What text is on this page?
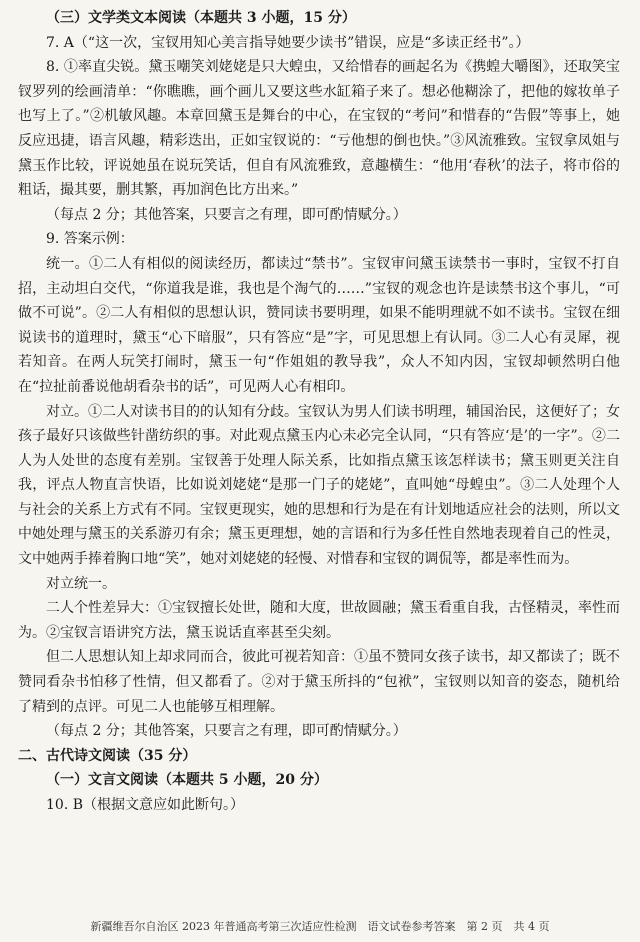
（三）文学类文本阅读（本题共 3 小题，15 分）

7. A（“这一次，宝钗用知心美言指导她要少读书”错误，应是“多读正经书”。）

8. ①率直尖锐。黛玉嘲笑刘姥姥是只大蝗虫，又给惜春的画起名为《携蝗大嚼图》，还取笑宝钗罗列的绘画清单：“你瞧瞧，画个画儿又要这些水缸箱子来了。想必他糊涂了，把他的嫁妆单子也写上了。”②机敏风趣。本章回黛玉是舞台的中心，在宝钗的“考问”和惜春的“告假”等事上，她反应迅捷，语言风趣，精彩迭出，正如宝钗说的：“亏他想的倒也快。”③风流雅致。宝钗拿凤姐与黛玉作比较，评说她虽在说玩笑话，但自有风流雅致，意趣横生：“他用‘春秋’的法子，将市俗的粗话，撮其要，删其繁，再加润色比方出来。”

（每点 2 分；其他答案，只要言之有理，即可酌情赋分。）

9. 答案示例：

统一。①二人有相似的阅读经历，都读过“禁书”。宝钗审问黛玉读禁书一事时，宝钗不打自招，主动坦白交代，“你道我是谁，我也是个淘气的……”宝钗的观念也许是读禁书这个事儿，“可做不可说”。②二人有相似的思想认识，赞同读书要明理，如果不能明理就不如不读书。宝钗在细说读书的道理时，黛玉“心下暗服”，只有答应“是”字，可见思想上有认同。③二人心有灵犀，视若知音。在两人玩笑打闹时，黛玉一句“作姐姐的教导我”，众人不知内因，宝钗却顿然明白他在“拉扯前番说他胡看杂书的话”，可见两人心有相印。

对立。①二人对读书目的的认知有分歧。宝钗认为男人们读书明理，辅国治民，这便好了；女孩子最好只该做些针凿纺织的事。对此观点黛玉内心未必完全认同，“只有答应‘是’的一字”。②二人为人处世的态度有差别。宝钗善于处理人际关系，比如指点黛玉该怎样读书；黛玉则更关注自我，评点人物直言快语，比如说刘姥姥“是那一门子的姥姥”，直叫她“母蝗虫”。③二人处理个人与社会的关系上方式有不同。宝钗更现实，她的思想和行为是在有计划地适应社会的法则，所以文中她处理与黛玉的关系游刃有余；黛玉更理想，她的言语和行为多任性自然地表现着自己的性灵，文中她两手捧着胸口地“笑”，她对刘姥姥的轻慢、对惜春和宝钗的调侃等，都是率性而为。

对立统一。

二人个性差异大：①宝钗擅长处世，随和大度，世故圆融；黛玉看重自我，古怪精灵，率性而为。②宝钗言语讲究方法，黛玉说话直率甚至尖刻。

但二人思想认知上却求同而合，彼此可视若知音：①虽不赞同女孩子读书，却又都读了；既不赞同看杂书怕移了性情，但又都看了。②对于黛玉所抖的“包袱”，宝钗则以知音的姿态，随机给了精到的点评。可见二人也能够互相理解。

（每点 2 分；其他答案，只要言之有理，即可酌情赋分。）

二、古代诗文阅读（35 分）

（一）文言文阅读（本题共 5 小题，20 分）

10. B（根据文意应如此断句。）

新疆维吾尔自治区 2023 年普通高考第三次适应性检测　语文试卷参考答案　第 2 页　共 4 页
